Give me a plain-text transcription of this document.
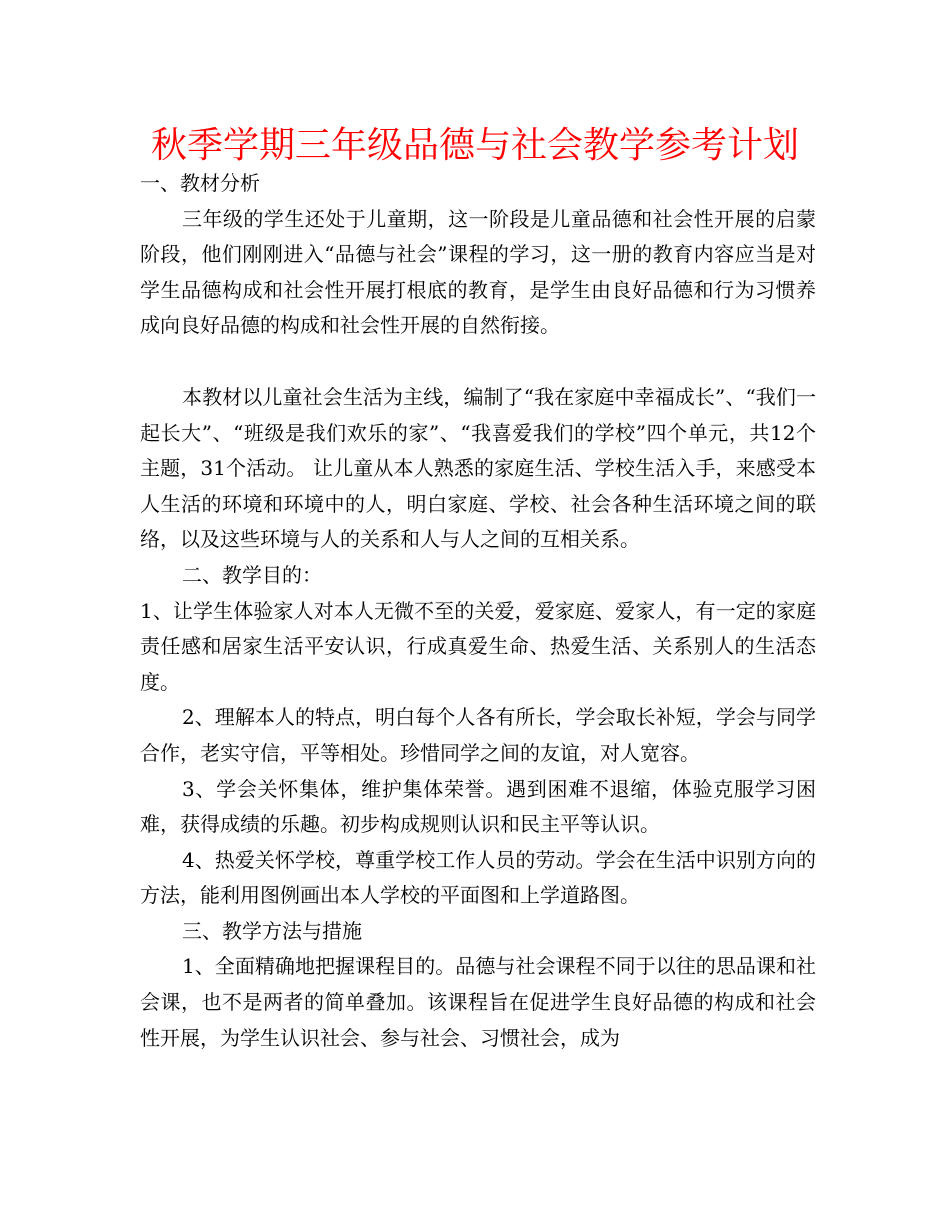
秋季学期三年级品德与社会教学参考计划

一、教材分析

三年级的学生还处于儿童期，这一阶段是儿童品德和社会性开展的启蒙阶段，他们刚刚进入“品德与社会”课程的学习，这一册的教育内容应当是对学生品德构成和社会性开展打根底的教育，是学生由良好品德和行为习惯养成向良好品德的构成和社会性开展的自然衔接。

本教材以儿童社会生活为主线，编制了“我在家庭中幸福成长”、“我们一起长大”、“班级是我们欢乐的家”、“我喜爱我们的学校”四个单元，共12个主题，31个活动。 让儿童从本人熟悉的家庭生活、学校生活入手，来感受本人生活的环境和环境中的人，明白家庭、学校、社会各种生活环境之间的联络，以及这些环境与人的关系和人与人之间的互相关系。

二、教学目的：

1、让学生体验家人对本人无微不至的关爱，爱家庭、爱家人，有一定的家庭责任感和居家生活平安认识，行成真爱生命、热爱生活、关系别人的生活态度。

2、理解本人的特点，明白每个人各有所长，学会取长补短，学会与同学合作，老实守信，平等相处。珍惜同学之间的友谊，对人宽容。

3、学会关怀集体，维护集体荣誉。遇到困难不退缩，体验克服学习困难，获得成绩的乐趣。初步构成规则认识和民主平等认识。

4、热爱关怀学校，尊重学校工作人员的劳动。学会在生活中识别方向的方法，能利用图例画出本人学校的平面图和上学道路图。

三、教学方法与措施

1、全面精确地把握课程目的。品德与社会课程不同于以往的思品课和社会课，也不是两者的简单叠加。该课程旨在促进学生良好品德的构成和社会性开展，为学生认识社会、参与社会、习惯社会，成为
